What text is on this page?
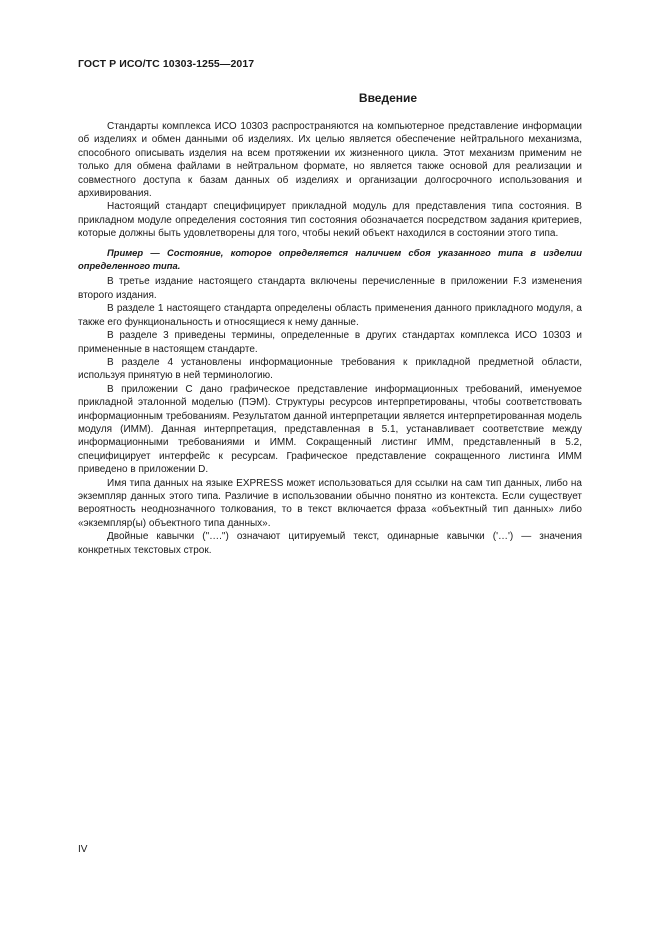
ГОСТ Р ИСО/ТС 10303-1255—2017
Введение

Стандарты комплекса ИСО 10303 распространяются на компьютерное представление информации об изделиях и обмен данными об изделиях. Их целью является обеспечение нейтрального механизма, способного описывать изделия на всем протяжении их жизненного цикла. Этот механизм применим не только для обмена файлами в нейтральном формате, но является также основой для реализации и совместного доступа к базам данных об изделиях и организации долгосрочного использования и архивирования.

Настоящий стандарт специфицирует прикладной модуль для представления типа состояния. В прикладном модуле определения состояния тип состояния обозначается посредством задания критериев, которые должны быть удовлетворены для того, чтобы некий объект находился в состоянии этого типа.

Пример — Состояние, которое определяется наличием сбоя указанного типа в изделии определенного типа.

В третье издание настоящего стандарта включены перечисленные в приложении F.3 изменения второго издания.

В разделе 1 настоящего стандарта определены область применения данного прикладного модуля, а также его функциональность и относящиеся к нему данные.

В разделе 3 приведены термины, определенные в других стандартах комплекса ИСО 10303 и примененные в настоящем стандарте.

В разделе 4 установлены информационные требования к прикладной предметной области, используя принятую в ней терминологию.

В приложении С дано графическое представление информационных требований, именуемое прикладной эталонной моделью (ПЭМ). Структуры ресурсов интерпретированы, чтобы соответствовать информационным требованиям. Результатом данной интерпретации является интерпретированная модель модуля (ИММ). Данная интерпретация, представленная в 5.1, устанавливает соответствие между информационными требованиями и ИММ. Сокращенный листинг ИММ, представленный в 5.2, специфицирует интерфейс к ресурсам. Графическое представление сокращенного листинга ИММ приведено в приложении D.

Имя типа данных на языке EXPRESS может использоваться для ссылки на сам тип данных, либо на экземпляр данных этого типа. Различие в использовании обычно понятно из контекста. Если существует вероятность неоднозначного толкования, то в текст включается фраза «объектный тип данных» либо «экземпляр(ы) объектного типа данных».

Двойные кавычки ("….") означают цитируемый текст, одинарные кавычки ('…') — значения конкретных текстовых строк.

IV
